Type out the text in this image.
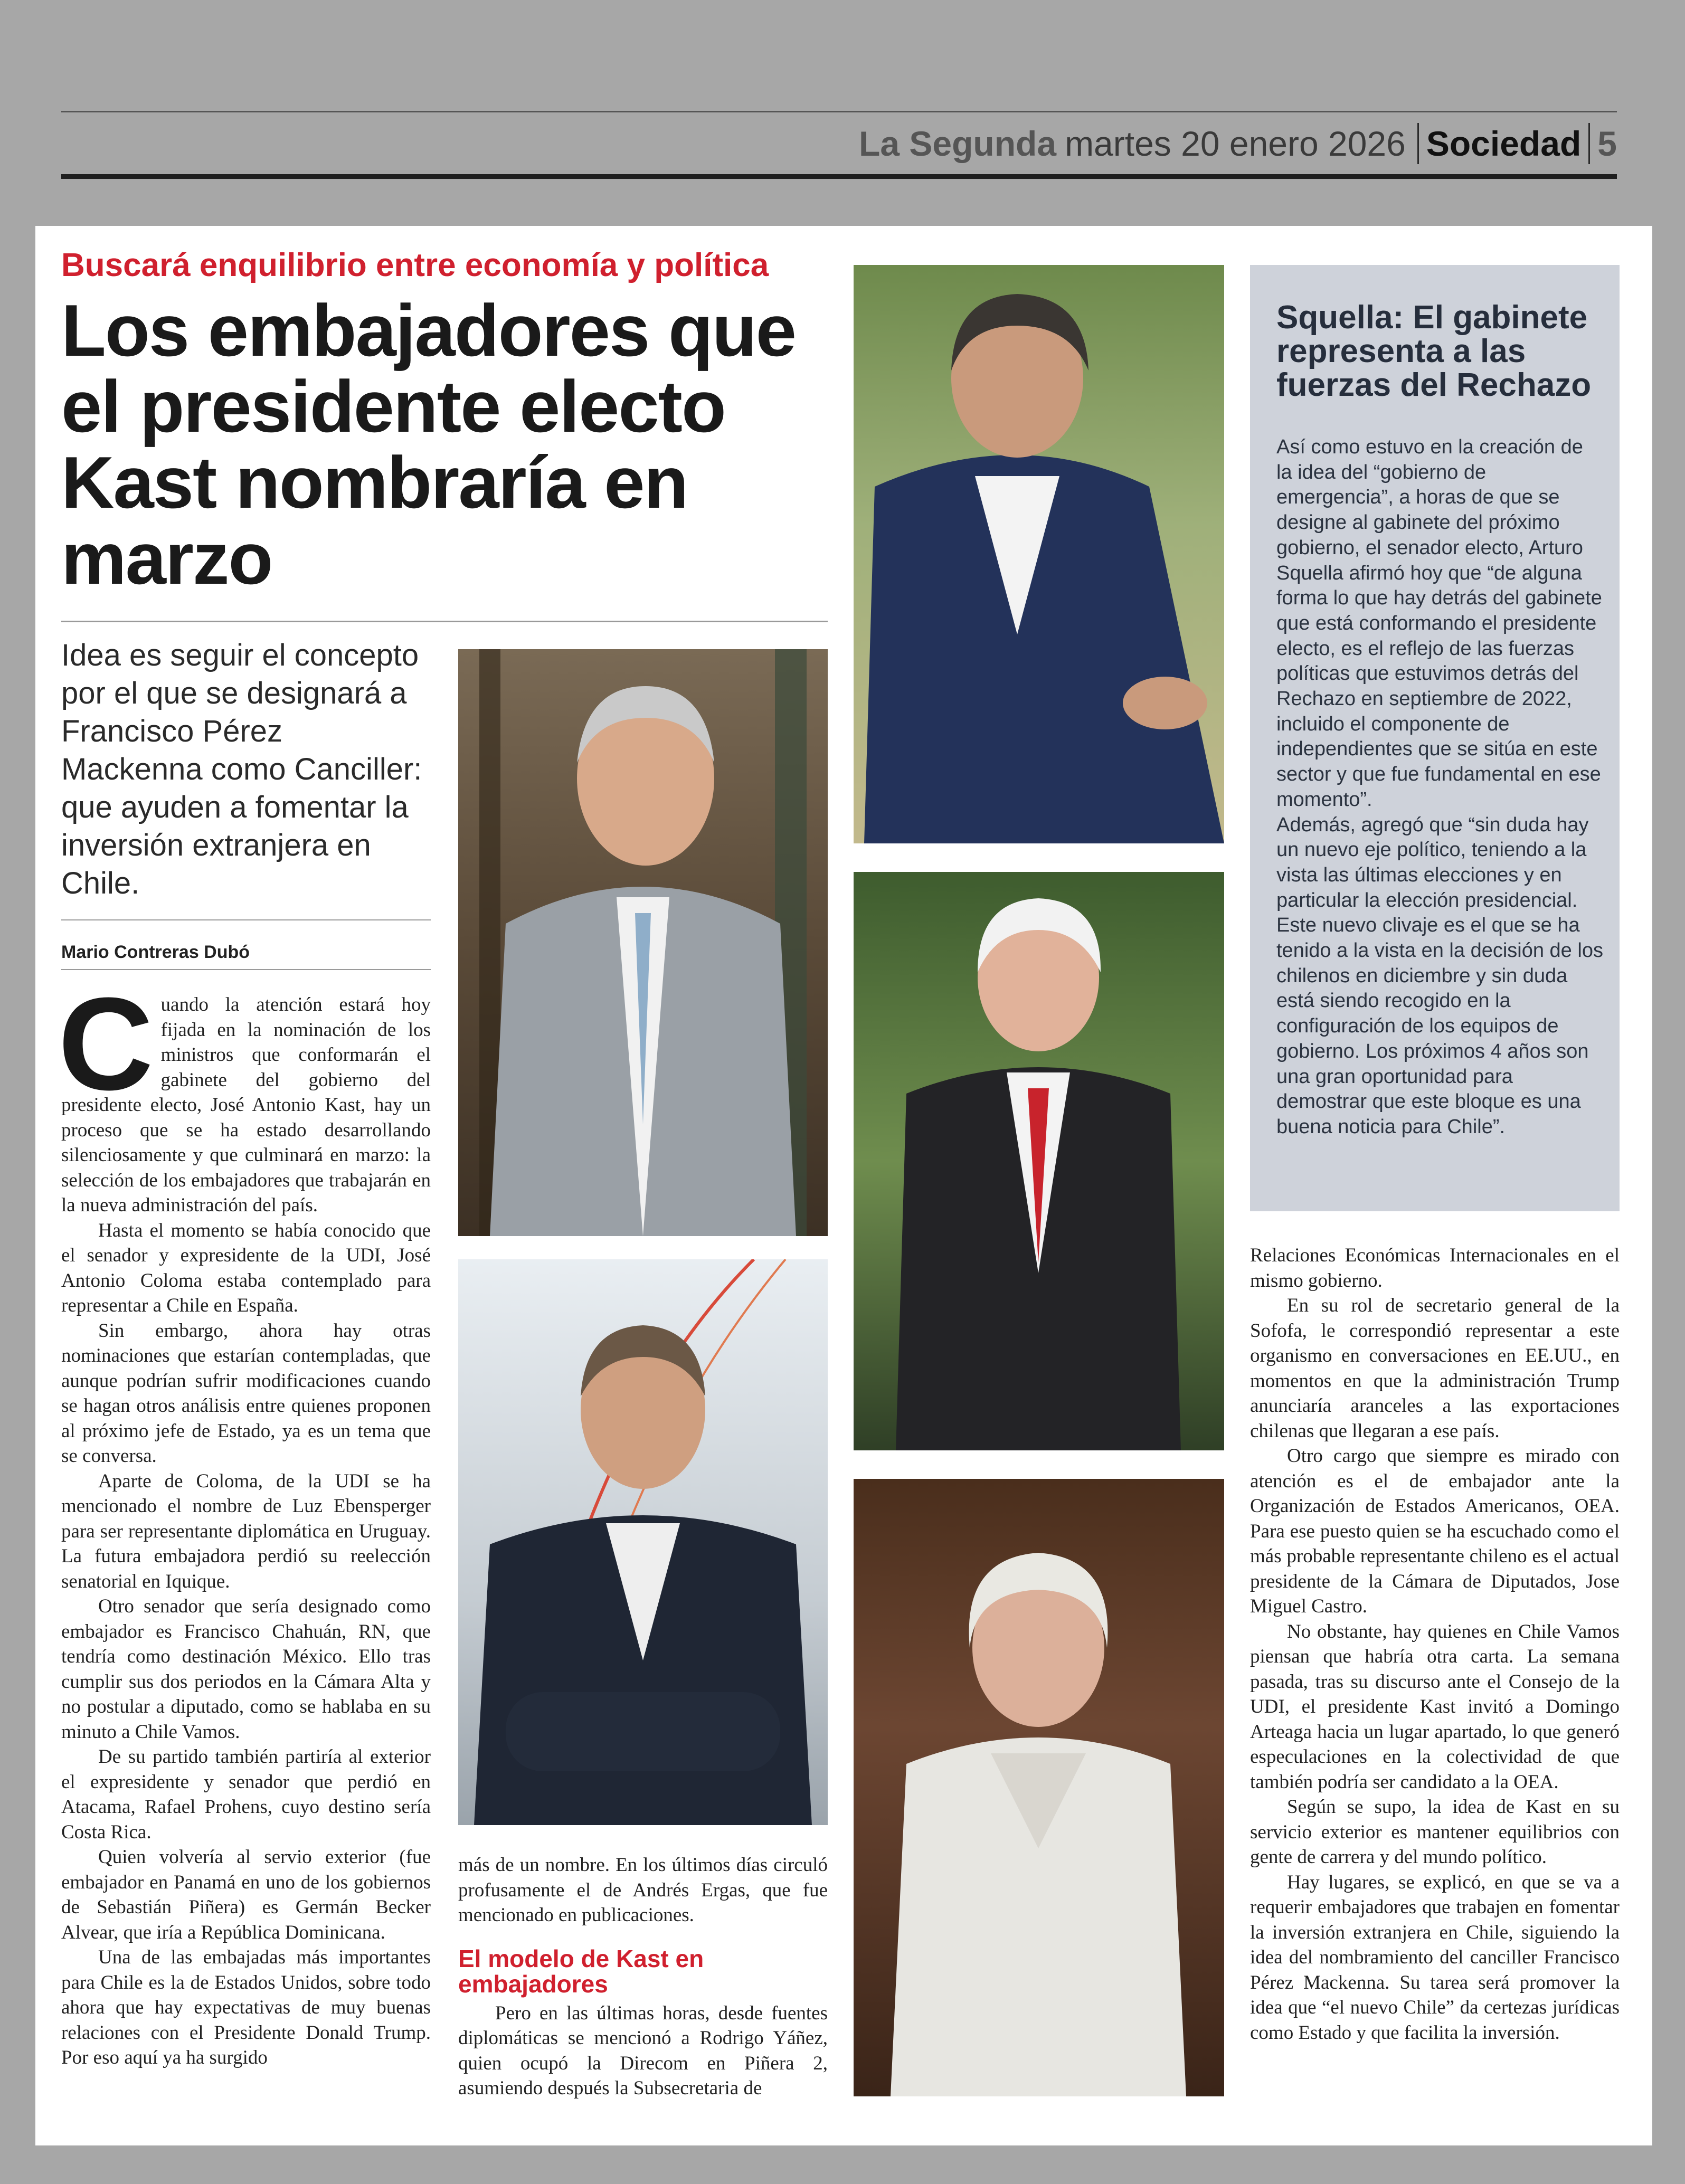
La Segunda martes 20 enero 2026 Sociedad 5
Buscará enquilibrio entre economía y política
Los embajadores que el presidente electo Kast nombraría en marzo
Idea es seguir el concepto por el que se designará a Francisco Pérez Mackenna como Canciller: que ayuden a fomentar la inversión extranjera en Chile.
Mario Contreras Dubó

Cuando la atención estará hoy fijada en la nominación de los ministros que conformarán el gabinete del gobierno del presidente electo, José Antonio Kast, hay un proceso que se ha estado desarrollando silenciosamente y que culminará en marzo: la selección de los embajadores que trabajarán en la nueva administración del país.

Hasta el momento se había conocido que el senador y expresidente de la UDI, José Antonio Coloma estaba contemplado para representar a Chile en España.

Sin embargo, ahora hay otras nominaciones que estarían contempladas, que aunque podrían sufrir modificaciones cuando se hagan otros análisis entre quienes proponen al próximo jefe de Estado, ya es un tema que se conversa.

Aparte de Coloma, de la UDI se ha mencionado el nombre de Luz Ebensperger para ser representante diplomática en Uruguay. La futura embajadora perdió su reelección senatorial en Iquique.

Otro senador que sería designado como embajador es Francisco Chahuán, RN, que tendría como destinación México. Ello tras cumplir sus dos periodos en la Cámara Alta y no postular a diputado, como se hablaba en su minuto a Chile Vamos.

De su partido también partiría al exterior el expresidente y senador que perdió en Atacama, Rafael Prohens, cuyo destino sería Costa Rica.

Quien volvería al servio exterior (fue embajador en Panamá en uno de los gobiernos de Sebastián Piñera) es Germán Becker Alvear, que iría a República Dominicana.

Una de las embajadas más importantes para Chile es la de Estados Unidos, sobre todo ahora que hay expectativas de muy buenas relaciones con el Presidente Donald Trump. Por eso aquí ya ha surgido

más de un nombre. En los últimos días circuló profusamente el de Andrés Ergas, que fue mencionado en publicaciones.

El modelo de Kast en embajadores

Pero en las últimas horas, desde fuentes diplomáticas se mencionó a Rodrigo Yáñez, quien ocupó la Direcom en Piñera 2, asumiendo después la Subsecretaria de

Squella: El gabinete representa a las fuerzas del Rechazo

Así como estuvo en la creación de la idea del “gobierno de emergencia”, a horas de que se designe al gabinete del próximo gobierno, el senador electo, Arturo Squella afirmó hoy que “de alguna forma lo que hay detrás del gabinete que está conformando el presidente electo, es el reflejo de las fuerzas políticas que estuvimos detrás del Rechazo en septiembre de 2022, incluido el componente de independientes que se sitúa en este sector y que fue fundamental en ese momento”.

Además, agregó que “sin duda hay un nuevo eje político, teniendo a la vista las últimas elecciones y en particular la elección presidencial. Este nuevo clivaje es el que se ha tenido a la vista en la decisión de los chilenos en diciembre y sin duda está siendo recogido en la configuración de los equipos de gobierno. Los próximos 4 años son una gran oportunidad para demostrar que este bloque es una buena noticia para Chile”.

Relaciones Económicas Internacionales en el mismo gobierno.

En su rol de secretario general de la Sofofa, le correspondió representar a este organismo en conversaciones en EE.UU., en momentos en que la administración Trump anunciaría aranceles a las exportaciones chilenas que llegaran a ese país.

Otro cargo que siempre es mirado con atención es el de embajador ante la Organización de Estados Americanos, OEA. Para ese puesto quien se ha escuchado como el más probable representante chileno es el actual presidente de la Cámara de Diputados, Jose Miguel Castro.

No obstante, hay quienes en Chile Vamos piensan que habría otra carta. La semana pasada, tras su discurso ante el Consejo de la UDI, el presidente Kast invitó a Domingo Arteaga hacia un lugar apartado, lo que generó especulaciones en la colectividad de que también podría ser candidato a la OEA.

Según se supo, la idea de Kast en su servicio exterior es mantener equilibrios con gente de carrera y del mundo político.

Hay lugares, se explicó, en que se va a requerir embajadores que trabajen en fomentar la inversión extranjera en Chile, siguiendo la idea del nombramiento del canciller Francisco Pérez Mackenna. Su tarea será promover la idea que “el nuevo Chile” da certezas jurídicas como Estado y que facilita la inversión.
